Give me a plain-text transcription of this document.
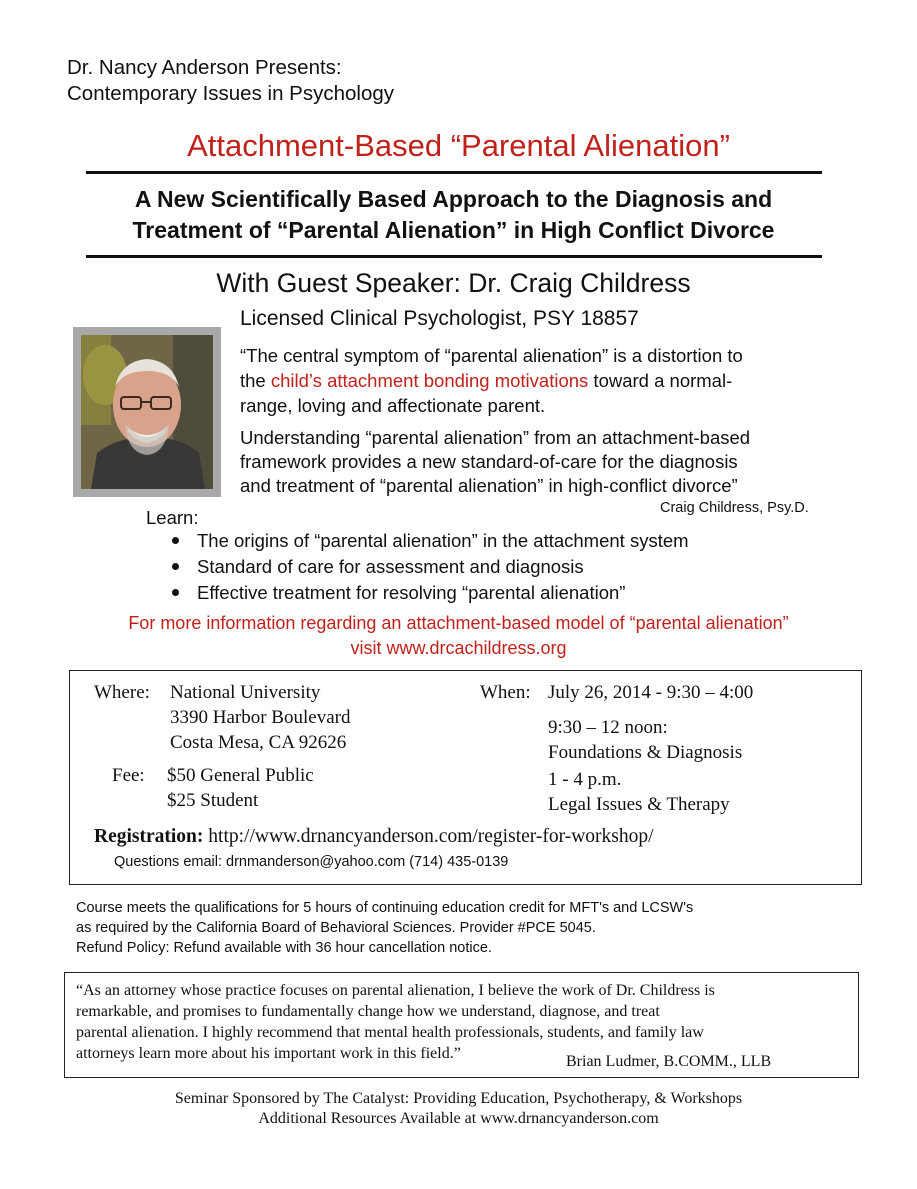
Dr. Nancy Anderson Presents:
Contemporary Issues in Psychology
Attachment-Based “Parental Alienation”
A New Scientifically Based Approach to the Diagnosis and
Treatment of “Parental Alienation” in High Conflict Divorce
With Guest Speaker: Dr. Craig Childress
Licensed Clinical Psychologist, PSY 18857
“The central symptom of “parental alienation” is a distortion to
the child’s attachment bonding motivations toward a normal-
range, loving and affectionate parent.
Understanding “parental alienation” from an attachment-based
framework provides a new standard-of-care for the diagnosis
and treatment of “parental alienation” in high-conflict divorce”
Craig Childress, Psy.D.
Learn:
The origins of “parental alienation” in the attachment system
Standard of care for assessment and diagnosis
Effective treatment for resolving “parental alienation”
For more information regarding an attachment-based model of “parental alienation”
visit www.drcachildress.org
Where: National University
3390 Harbor Boulevard
Costa Mesa, CA 92626
Fee: $50 General Public
$25 Student
When: July 26, 2014 - 9:30 – 4:00
9:30 – 12 noon:
Foundations & Diagnosis
1 - 4 p.m.
Legal Issues & Therapy
Registration: http://www.drnancyanderson.com/register-for-workshop/
Questions email: drnmanderson@yahoo.com (714) 435-0139
Course meets the qualifications for 5 hours of continuing education credit for MFT's and LCSW's
as required by the California Board of Behavioral Sciences. Provider #PCE 5045.
Refund Policy: Refund available with 36 hour cancellation notice.
“As an attorney whose practice focuses on parental alienation, I believe the work of Dr. Childress is
remarkable, and promises to fundamentally change how we understand, diagnose, and treat
parental alienation. I highly recommend that mental health professionals, students, and family law
attorneys learn more about his important work in this field.”	Brian Ludmer, B.COMM., LLB
Seminar Sponsored by The Catalyst: Providing Education, Psychotherapy, & Workshops
Additional Resources Available at www.drnancyanderson.com
